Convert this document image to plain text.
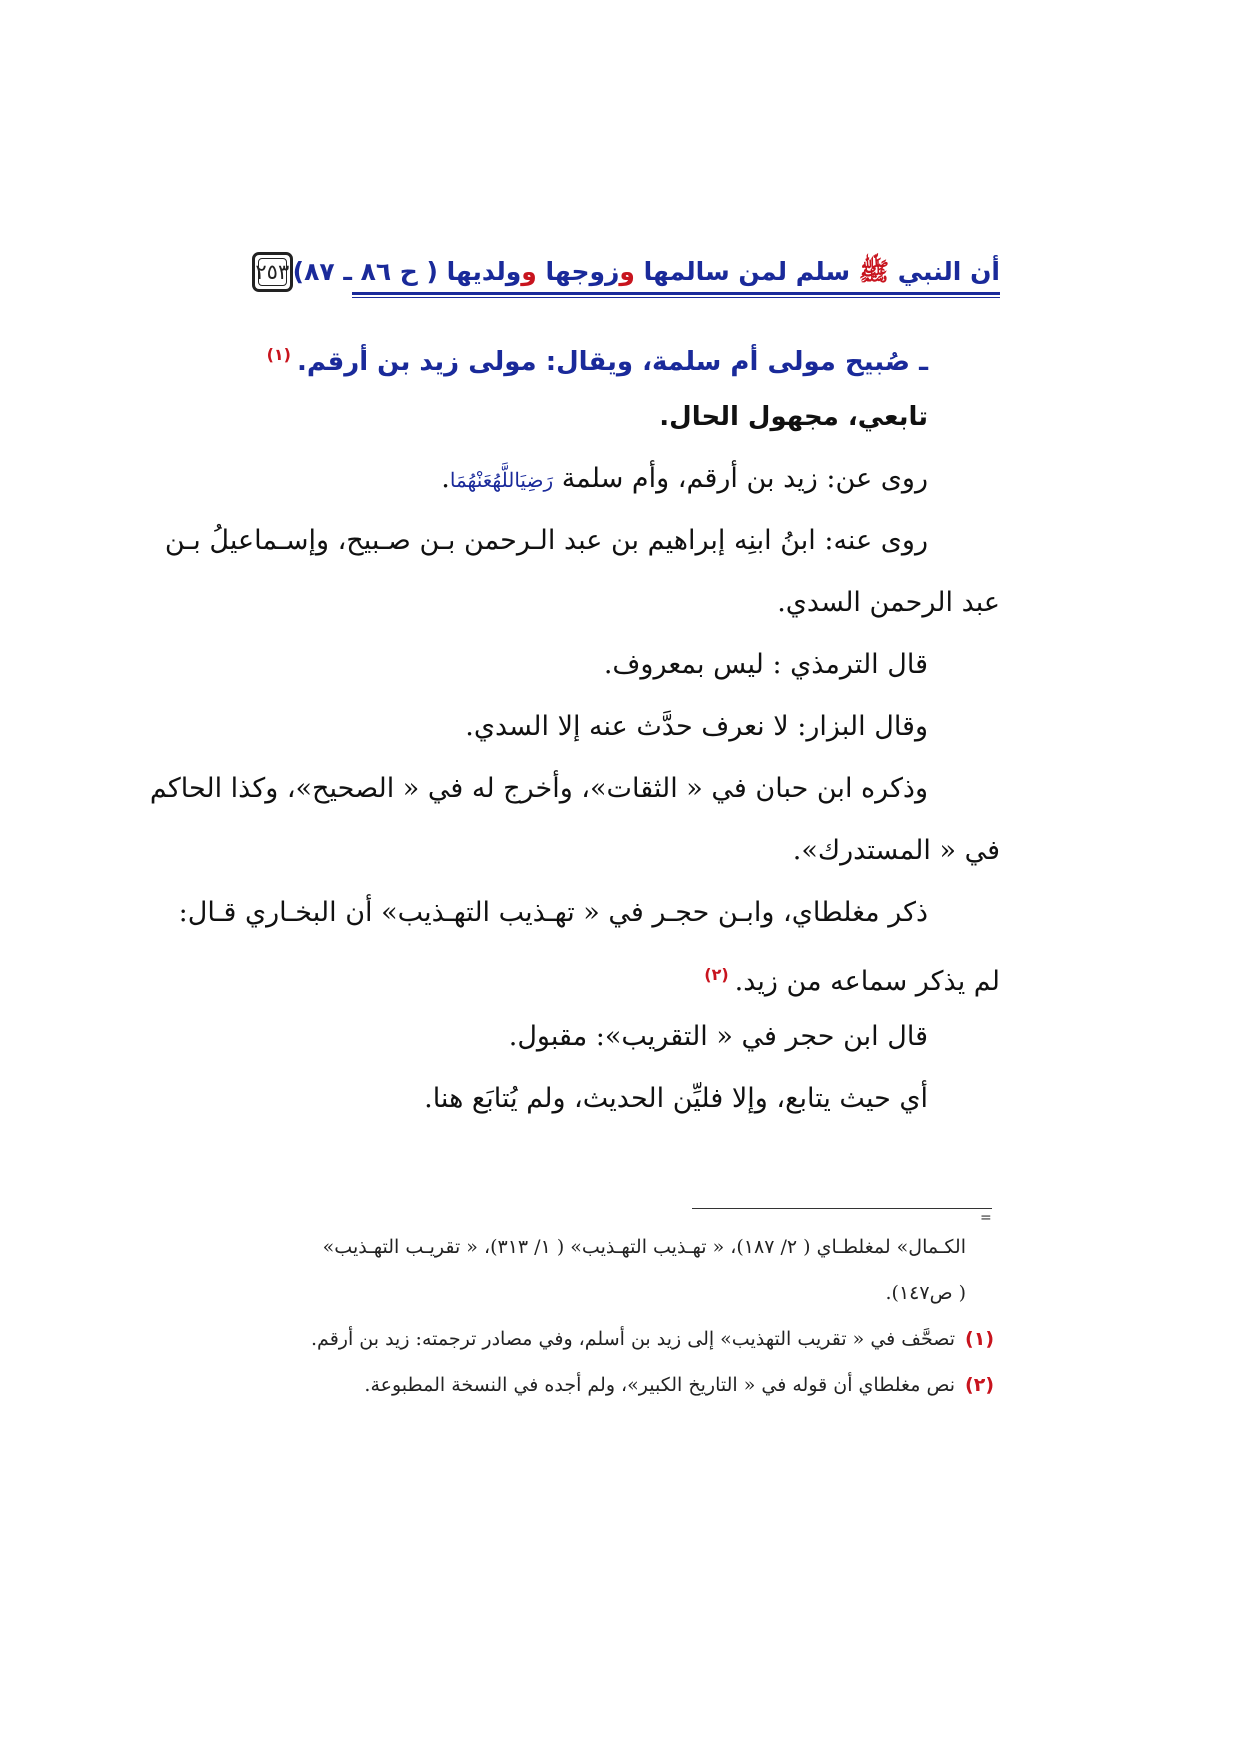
أن النبي ﷺ سلم لمن سالمها وزوجها وولديها ( ح ٨٦ ـ ٨٧)
٢٥٣
ـ صُبيح مولى أم سلمة، ويقال: مولى زيد بن أرقم.$^{(١)}$
تابعي، مجهول الحال.
روى عن: زيد بن أرقم، وأم سلمة رَضِيَاللَّهُعَنْهُمَا.
روى عنه: ابنُ ابنِه إبراهيم بن عبد الـرحمن بـن صـبيح، وإسـماعيلُ بـن
عبد الرحمن السدي.
قال الترمذي : ليس بمعروف.
وقال البزار: لا نعرف حدَّث عنه إلا السدي.
وذكره ابن حبان في « الثقات»، وأخرج له في « الصحيح»، وكذا الحاكم
في « المستدرك».
ذكر مغلطاي، وابـن حجـر في « تهـذيب التهـذيب» أن البخـاري قـال:
لم يذكر سماعه من زيد.$^{(٢)}$
قال ابن حجر في « التقريب»: مقبول.
أي حيث يتابع، وإلا فليِّن الحديث، ولم يُتابَع هنا.
=
الكـمال» لمغلطـاي ( ٢/ ١٨٧)، « تهـذيب التهـذيب» ( ١/ ٣١٣)، « تقريـب التهـذيب»
( ص١٤٧).
(١)تصحَّف في « تقريب التهذيب» إلى زيد بن أسلم، وفي مصادر ترجمته: زيد بن أرقم.
(٢)نص مغلطاي أن قوله في « التاريخ الكبير»، ولم أجده في النسخة المطبوعة.
